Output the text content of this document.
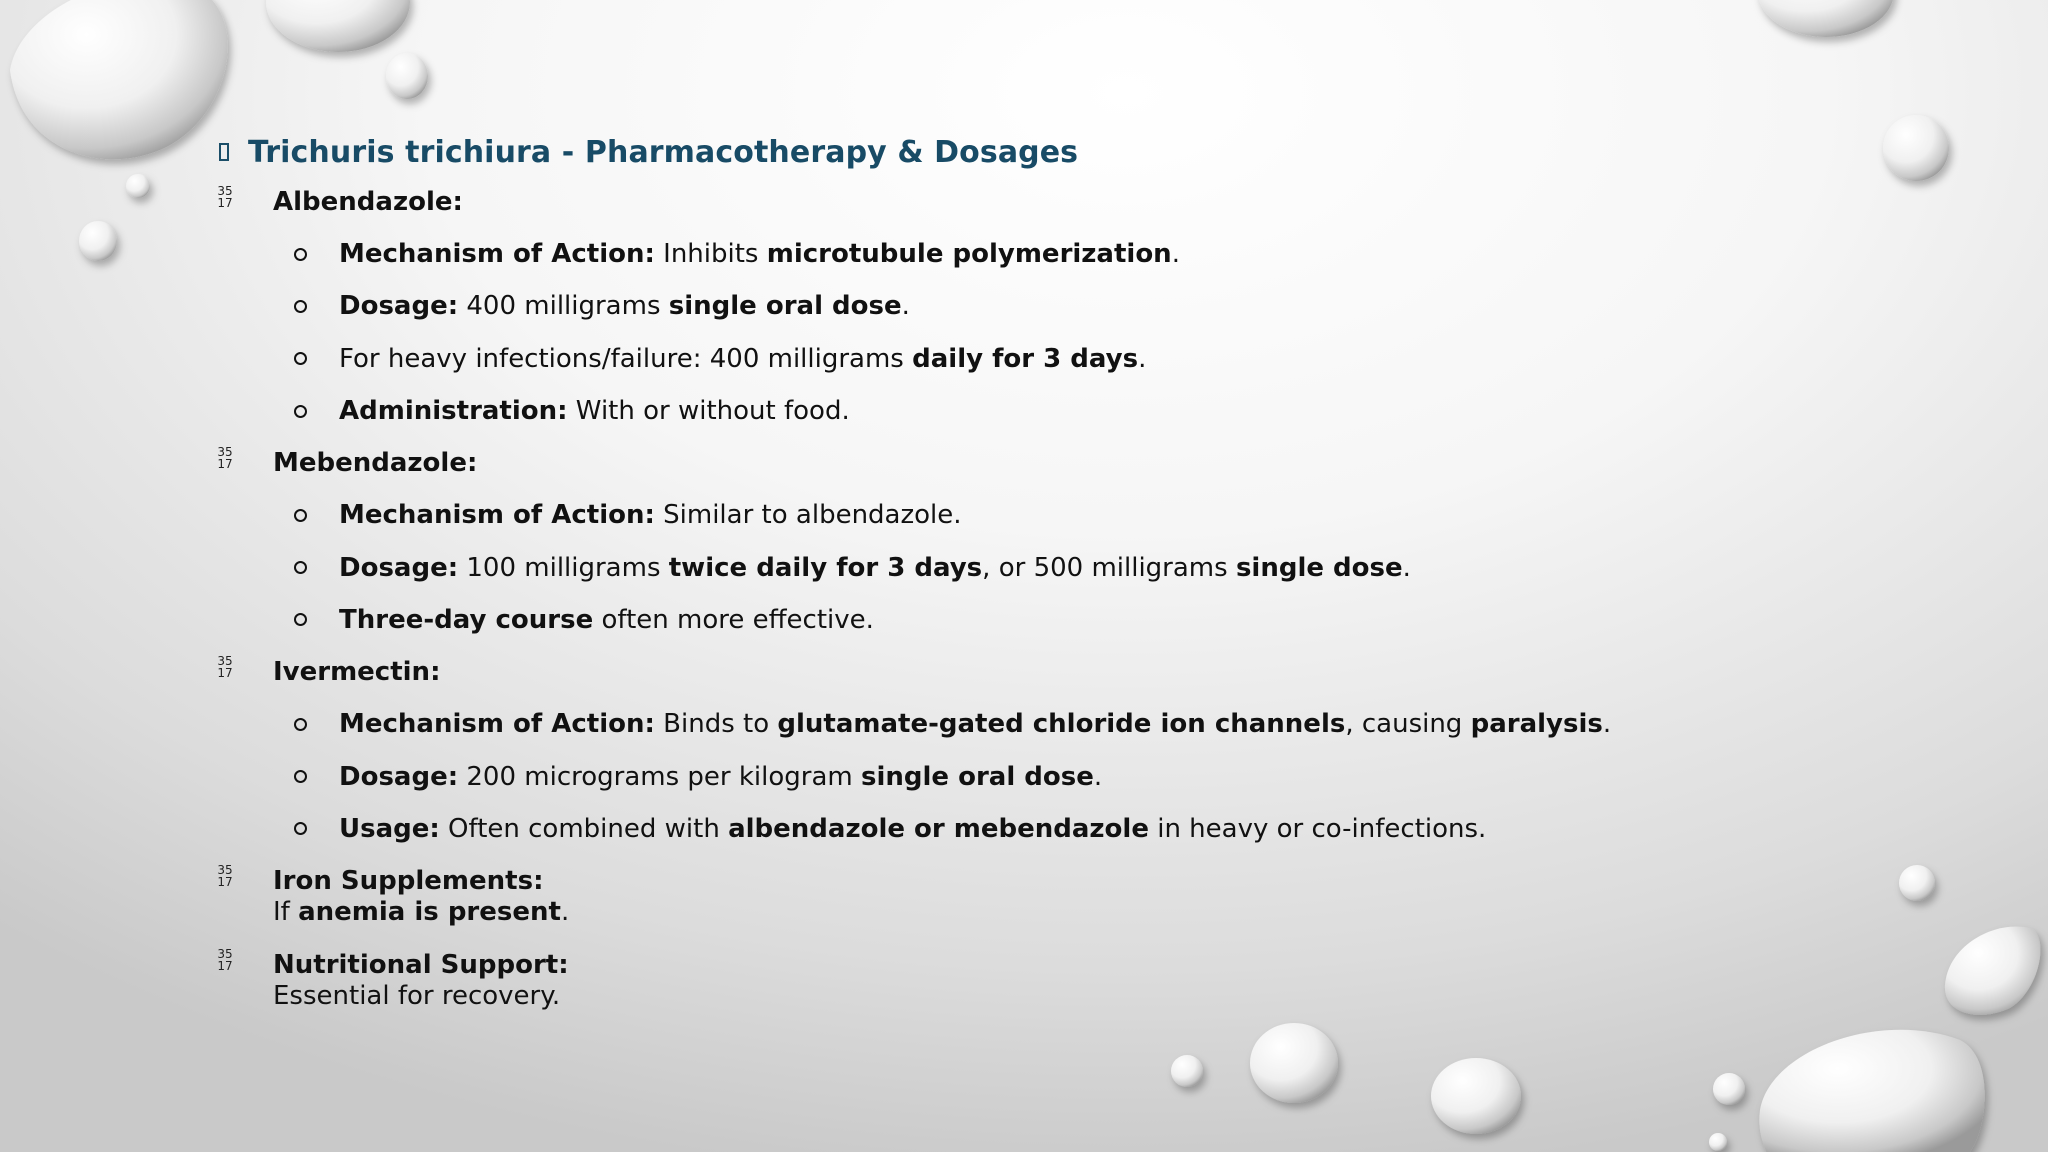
Trichuris trichiura - Pharmacotherapy & Dosages
35
17 Albendazole:
Mechanism of Action: Inhibits microtubule polymerization.
Dosage: 400 milligrams single oral dose.
For heavy infections/failure: 400 milligrams daily for 3 days.
Administration: With or without food.
35
17 Mebendazole:
Mechanism of Action: Similar to albendazole.
Dosage: 100 milligrams twice daily for 3 days, or 500 milligrams single dose.
Three-day course often more effective.
35
17 Ivermectin:
Mechanism of Action: Binds to glutamate-gated chloride ion channels, causing paralysis.
Dosage: 200 micrograms per kilogram single oral dose.
Usage: Often combined with albendazole or mebendazole in heavy or co-infections.
35
17 Iron Supplements:
If anemia is present.
35
17 Nutritional Support:
Essential for recovery.
